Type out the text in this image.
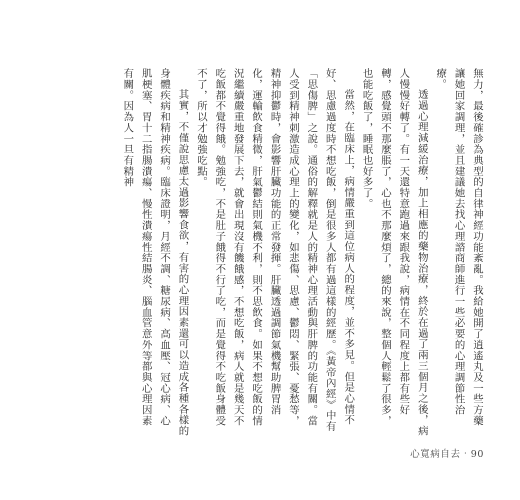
無力，最後確診為典型的自律神經功能紊亂。我給她開了逍遙丸及一些方藥讓她回家調理，並且建議她去找心理諮商師進行一些必要的心理調節性治療。

透過心理減緩治療，加上相應的藥物治療，終於在過了兩三個月之後，病人慢慢好轉了。有一天還特意跑過來跟我說，病情在不同程度上都有些好轉，感覺頭不那麼脹了，心也不那麼煩了，總的來說，整個人輕鬆了很多，也能吃飯了，睡眠也好多了。

當然，在臨床上，病情嚴重到這位病人的程度，並不多見。但是心情不好、思慮過度時不想吃飯，倒是很多人都有過這樣的經歷。《黃帝內經》中有「思傷脾」之說。通俗的解釋就是人的精神心理活動與肝脾的功能有關。當人受到精神刺激造成心理上的變化，如悲傷、思慮、鬱悶、緊張、憂愁等，精神抑鬱時，會影響肝臟功能的正常發揮。肝臟透過調節氣機幫助脾胃消化，運輸飲食精微，肝氣鬱結則氣機不利，則不思飲食。如果不想吃飯的情況繼續嚴重地發展下去，就會出現沒有饑餓感，不想吃飯，病人就是幾天不吃飯都不覺得餓。勉強吃，不是肚子餓得不行了吃，而是覺得不吃飯身體受不了，所以才勉強吃點。

其實，不僅說思慮太過影響食欲，有害的心理因素還可以造成各種各樣的身體疾病和精神疾病。臨床證明，月經不調、糖尿病、高血壓、冠心病、心肌梗塞、胃十二指腸潰瘍、慢性潰瘍性結腸炎、腦血管意外等都與心理因素有關。因為人一旦有精神

心寬病自去‧90
